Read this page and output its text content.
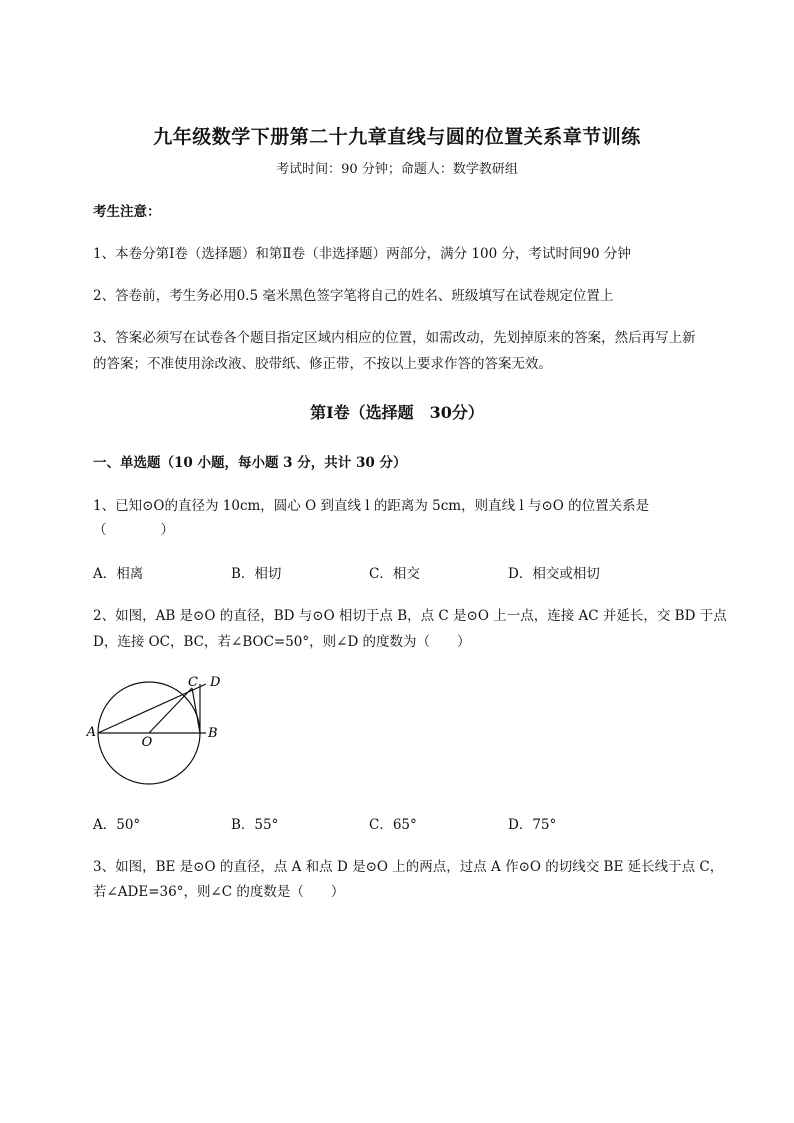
九年级数学下册第二十九章直线与圆的位置关系章节训练
考试时间：90 分钟；命题人：数学教研组
考生注意：
1、本卷分第Ⅰ卷（选择题）和第Ⅱ卷（非选择题）两部分，满分 100 分，考试时间90 分钟
2、答卷前，考生务必用0.5 毫米黑色签字笔将自己的姓名、班级填写在试卷规定位置上
3、答案必须写在试卷各个题目指定区域内相应的位置，如需改动，先划掉原来的答案，然后再写上新
的答案；不准使用涂改液、胶带纸、修正带，不按以上要求作答的答案无效。
第Ⅰ卷（选择题　30分）
一、单选题（10 小题，每小题 3 分，共计 30 分）
1、已知⊙O的直径为 10cm，圆心 O 到直线 l 的距离为 5cm，则直线 l 与⊙O 的位置关系是
（　　　　）
A．相离	B．相切	C．相交	D．相交或相切
2、如图，AB 是⊙O 的直径，BD 与⊙O 相切于点 B，点 C 是⊙O 上一点，连接 AC 并延长，交 BD 于点
D，连接 OC，BC，若∠BOC=50°，则∠D 的度数为（　　）
A
O
B
C D
A．50°	B．55°	C．65°	D．75°
3、如图，BE 是⊙O 的直径，点 A 和点 D 是⊙O 上的两点，过点 A 作⊙O 的切线交 BE 延长线于点 C，
若∠ADE=36°，则∠C 的度数是（　　）
